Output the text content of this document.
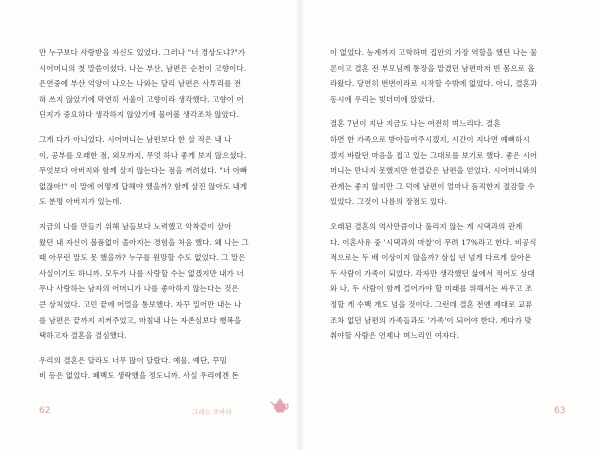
만 누구보다 사랑받을 자신도 있었다. 그러나 "너 경상도냐?"가
시어머니의 첫 말씀이셨다. 나는 부산, 남편은 순천이 고향이다.
은연중에 부산 억양이 나오는 나와는 달리 남편은 사투리를 전
혀 쓰지 않았기에 막연히 서울이 고향이라 생각했다. 고향이 어
딘지가 중요하다 생각하지 않았기에 물어볼 생각조차 않았다.
그게 다가 아니었다. 시어머니는 남편보다 한 살 적은 내 나
이, 공부를 오래한 점, 외모까지, 무엇 하나 좋게 보지 않으셨다.
무엇보다 아버지와 함께 살지 않는다는 점을 꺼려셨다. "너 아빠
없잖아!" 이 말에 어떻게 답해야 했을까? 함께 살진 않아도 내게
도 분명 아버지가 있는데.
지금의 나를 만들기 위해 남들보다 노력했고 악착같이 살아
왔던 내 자신이 볼품없이 졸아지는 경험을 처음 했다. 왜 나는 그
때 아무런 말도 못 했을까? 누구를 원망할 수도 없었다. 그 말은
사실이기도 하니까. 모두가 나를 사랑할 수는 없겠지만 내가 너
무나 사랑하는 남자의 어머니가 나를 좋아하지 않는다는 것은
큰 상처였다. 고민 끝에 어멀을 통보했다. 자꾸 밀어만 내는 나
를 남편은 끝까지 지켜주었고, 마침내 나는 자존심보다 행복을
택하고자 결혼을 결심했다.
우리의 결혼은 달라도 너무 많이 달랐다. 예물, 예단, 꾸밈
비 등은 없었다. 폐백도 생략했을 정도니까. 사실 우리에겐 돈
62
이 없었다. 능계까지 고학하며 집안의 가장 역할을 했던 나는 물
론이고 결혼 전 부모님께 통장을 맡겼던 남편마저 빈 몸으로 올
라왔다. 당연히 번번이라로 시작할 수밖에 없었다. 아니, 결혼과
동시에 우리는 빚더미에 앉았다.
결혼 7년이 지난 지금도 나는 여전히 며느리다. 결혼
하면 한 가족으로 받아들여주시겠지, 시간이 지나면 예뻐하시
겠지 바랐던 마음을 접고 있는 그대로를 보기로 했다. 좋은 시어
머니는 만나지 못했지만 한결같은 남편을 얻었다. 시어머니와의
관계는 좋지 않지만 그 덕에 남편이 얼마나 듬직한지 절감할 수
있었다. 그것이 나름의 장점도 있다.
오래된 결혼의 역사만큼이나 풀리지 않는 게 시댁과의 관계
다. 이혼사유 중 '시댁과의 마찰'이 무려 17%라고 한다. 비공식
적으로는 두 배 이상이지 않을까? 삼십 년 넘게 다르게 살아온
두 사람이 가족이 되었다. 각자만 생각했던 삶에서 적어도 상대
와 나, 두 사람이 함께 걸어가야 할 미래를 위해서는 싸우고 조
정할 게 수백 개도 넘을 것이다. 그런데 결혼 전엔 제대로 교류
조차 없던 남편의 가족들과도 '가족'이 되어야 한다. 계다가 맞
춰야할 사람은 언제나 며느리인 여자다.
그래는 또바라	63
